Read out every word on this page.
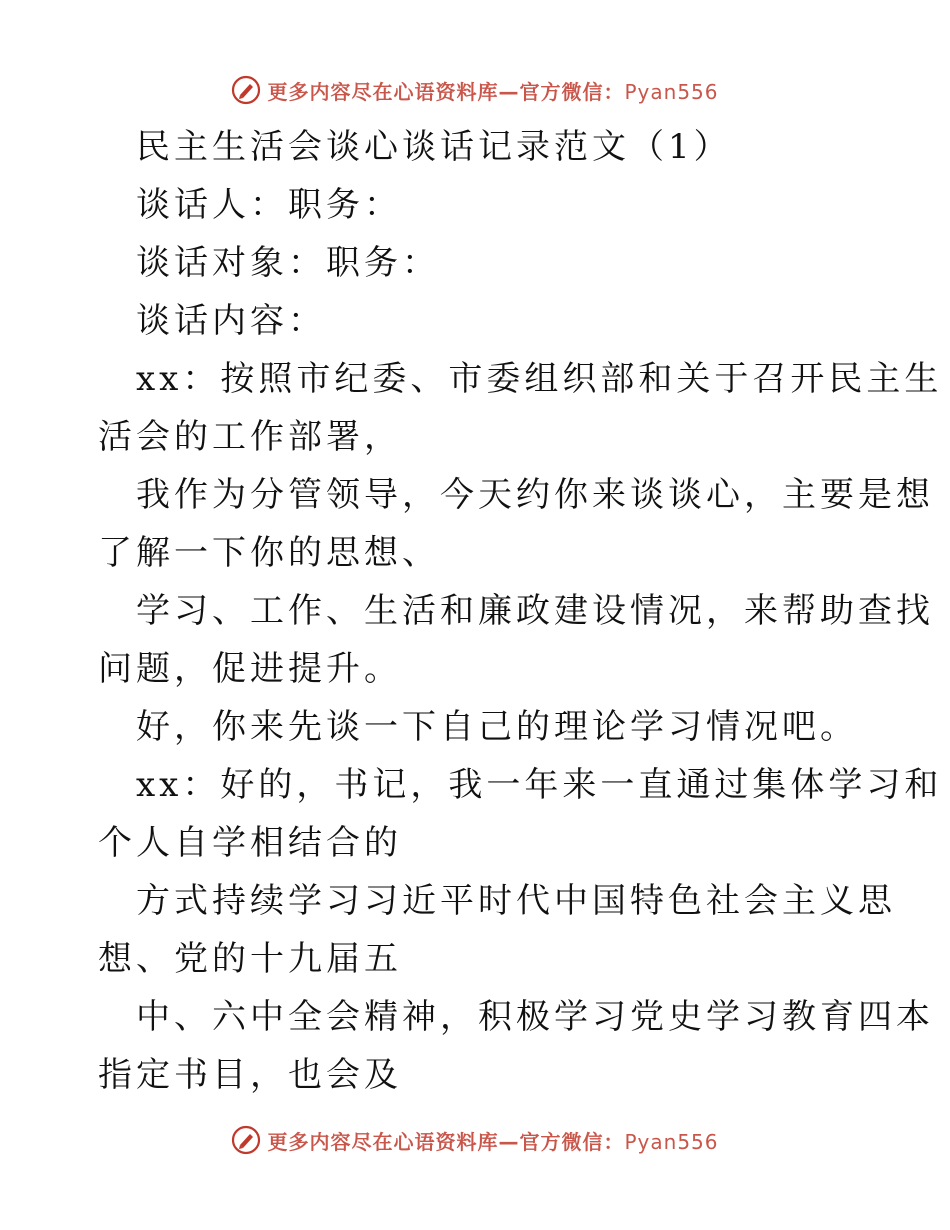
更多内容尽在心语资料库—官方微信：Pyan556
民主生活会谈心谈话记录范文（1）
谈话人：职务：
谈话对象：职务：
谈话内容：
xx：按照市纪委、市委组织部和关于召开民主生
活会的工作部署，
我作为分管领导，今天约你来谈谈心，主要是想
了解一下你的思想、
学习、工作、生活和廉政建设情况，来帮助查找
问题，促进提升。
好，你来先谈一下自己的理论学习情况吧。
xx：好的，书记，我一年来一直通过集体学习和
个人自学相结合的
方式持续学习习近平时代中国特色社会主义思
想、党的十九届五
中、六中全会精神，积极学习党史学习教育四本
指定书目，也会及
更多内容尽在心语资料库—官方微信：Pyan556
